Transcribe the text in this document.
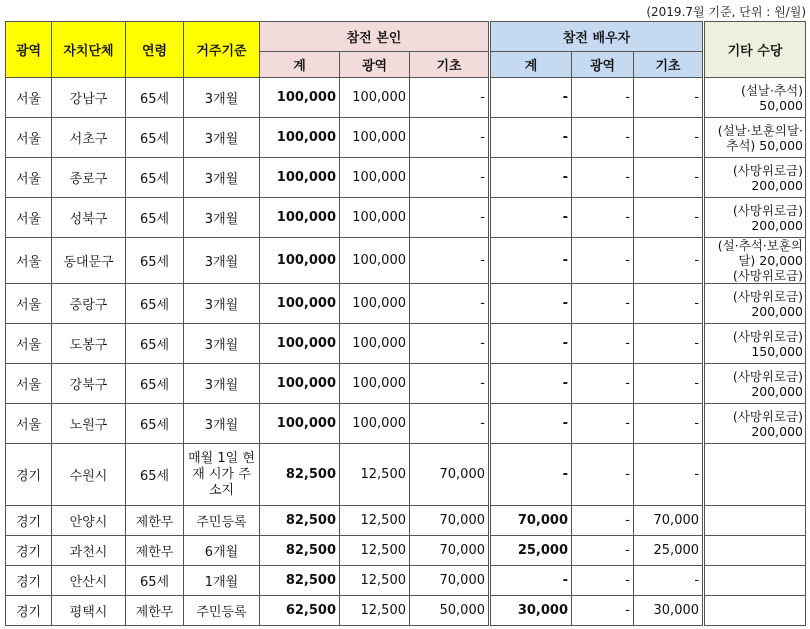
(2019.7월 기준, 단위 : 원/월)
광역	자치단체	연령	거주기준	참전 본인			참전 배우자			기타 수당
				계	광역	기초	계	광역	기초	
서울	강남구	65세	3개월	100,000	100,000	-	-	-	-	(설날·추석)
50,000
서울	서초구	65세	3개월	100,000	100,000	-	-	-	-	(설날·보훈의달·추석) 50,000
서울	종로구	65세	3개월	100,000	100,000	-	-	-	-	(사망위로금)
200,000
서울	성북구	65세	3개월	100,000	100,000	-	-	-	-	(사망위로금)
200,000
서울	동대문구	65세	3개월	100,000	100,000	-	-	-	-	(설·추석·보훈의달) 20,000
(사망위로금)
서울	중랑구	65세	3개월	100,000	100,000	-	-	-	-	(사망위로금)
200,000
서울	도봉구	65세	3개월	100,000	100,000	-	-	-	-	(사망위로금)
150,000
서울	강북구	65세	3개월	100,000	100,000	-	-	-	-	(사망위로금)
200,000
서울	노원구	65세	3개월	100,000	100,000	-	-	-	-	(사망위로금)
200,000
경기	수원시	65세	매월 1일 현재 시가 주소지	82,500	12,500	70,000	-	-	-	
경기	안양시	제한무	주민등록	82,500	12,500	70,000	70,000	-	70,000	
경기	과천시	제한무	6개월	82,500	12,500	70,000	25,000	-	25,000	
경기	안산시	65세	1개월	82,500	12,500	70,000	-	-	-	
경기	평택시	제한무	주민등록	62,500	12,500	50,000	30,000	-	30,000	
